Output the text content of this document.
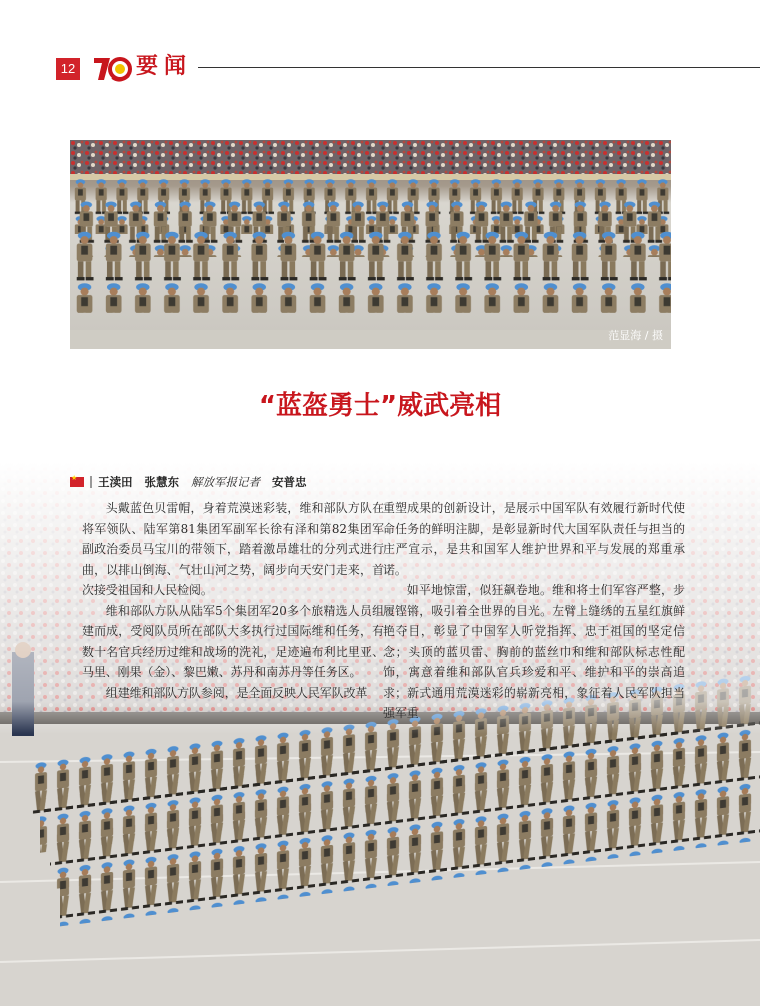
12	要闻
范显海 / 摄
“蓝盔勇士”威武亮相
★
王渎田 张慧东 解放军报记者 安普忠

头戴蓝色贝雷帽，身着荒漠迷彩装，维和部队方队在将军领队、陆军第81集团军副军长徐有泽和第82集团军副政治委员马宝川的带领下，踏着激昂雄壮的分列式进行曲，以排山倒海、气壮山河之势，阔步向天安门走来，首次接受祖国和人民检阅。

维和部队方队从陆军5个集团军20多个旅精选人员组建而成，受阅队员所在部队大多执行过国际维和任务，有数十名官兵经历过维和战场的洗礼，足迹遍布利比里亚、马里、刚果（金）、黎巴嫩、苏丹和南苏丹等任务区。

组建维和部队方队参阅，是全面反映人民军队改革

重塑成果的创新设计，是展示中国军队有效履行新时代使命任务的鲜明注脚，是彰显新时代大国军队责任与担当的庄严宣示，是共和国军人维护世界和平与发展的郑重承诺。

如平地惊雷，似狂飙卷地。维和将士们军容严整，步履铿锵，吸引着全世界的目光。左臂上缝绣的五星红旗鲜艳夺目，彰显了中国军人听党指挥、忠于祖国的坚定信念；头顶的蓝贝雷、胸前的蓝丝巾和维和部队标志性配饰，寓意着维和部队官兵珍爱和平、维护和平的崇高追求；新式通用荒漠迷彩的崭新亮相，象征着人民军队担当强军重
